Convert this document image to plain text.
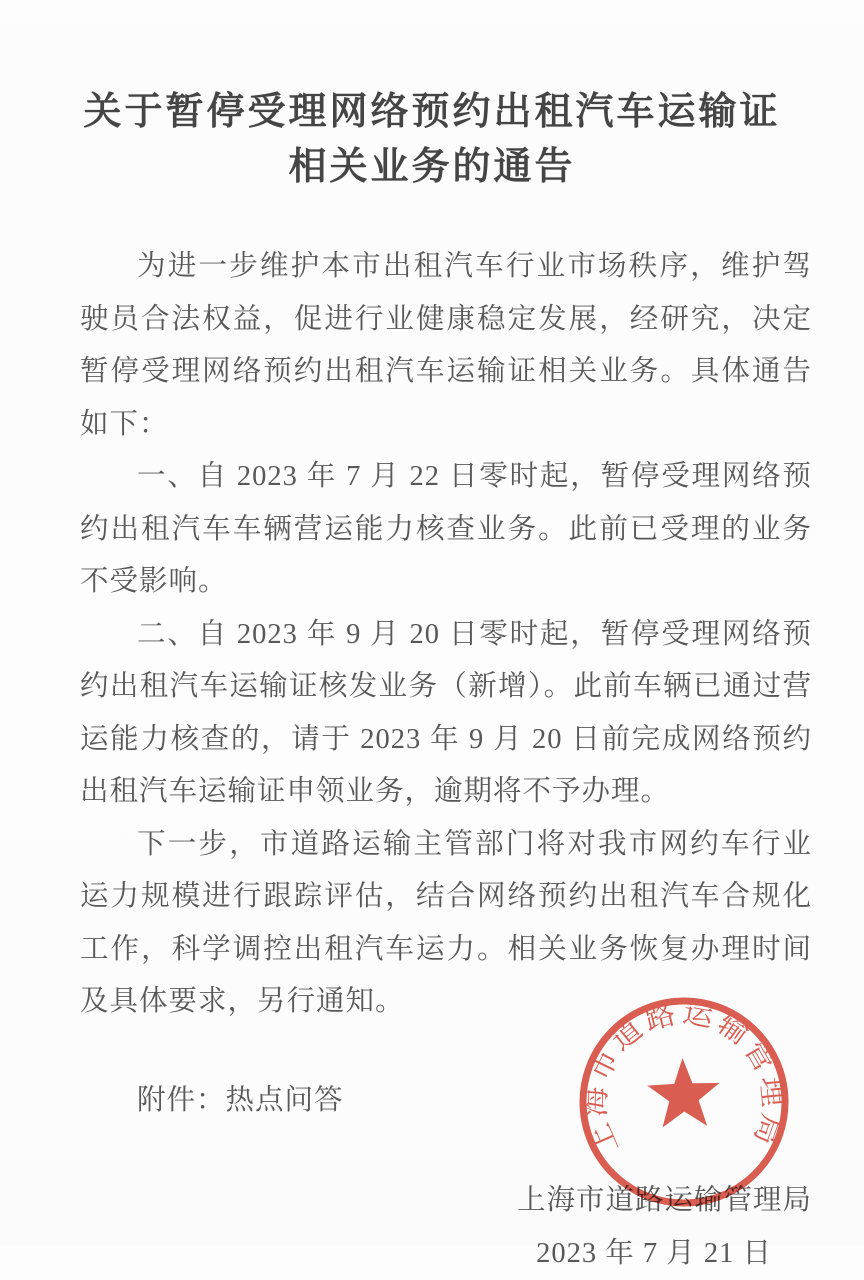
关于暂停受理网络预约出租汽车运输证
相关业务的通告

为进一步维护本市出租汽车行业市场秩序，维护驾驶员合法权益，促进行业健康稳定发展，经研究，决定暂停受理网络预约出租汽车运输证相关业务。具体通告如下：

一、自 2023 年 7 月 22 日零时起，暂停受理网络预约出租汽车车辆营运能力核查业务。此前已受理的业务不受影响。

二、自 2023 年 9 月 20 日零时起，暂停受理网络预约出租汽车运输证核发业务（新增）。此前车辆已通过营运能力核查的，请于 2023 年 9 月 20 日前完成网络预约出租汽车运输证申领业务，逾期将不予办理。

下一步，市道路运输主管部门将对我市网约车行业运力规模进行跟踪评估，结合网络预约出租汽车合规化工作，科学调控出租汽车运力。相关业务恢复办理时间及具体要求，另行通知。

附件：热点问答
上海市道路运输管理局
2023 年 7 月 21 日
上海市道路运输管理局
